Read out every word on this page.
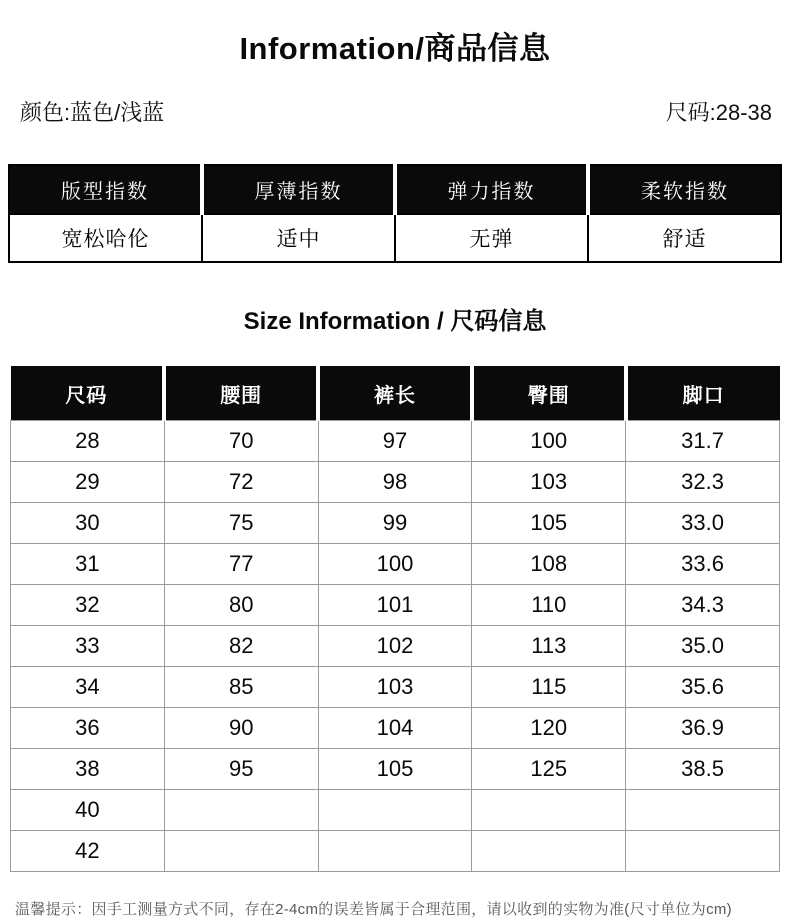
Information/商品信息
颜色:蓝色/浅蓝	尺码:28-38
版型指数	厚薄指数	弹力指数	柔软指数
宽松哈伦	适中	无弹	舒适
Size Information / 尺码信息
尺码	腰围	裤长	臀围	脚口
28	70	97	100	31.7
29	72	98	103	32.3
30	75	99	105	33.0
31	77	100	108	33.6
32	80	101	110	34.3
33	82	102	113	35.0
34	85	103	115	35.6
36	90	104	120	36.9
38	95	105	125	38.5
40				
42				
温馨提示：因手工测量方式不同，存在2-4cm的误差皆属于合理范围，请以收到的实物为准(尺寸单位为cm)
